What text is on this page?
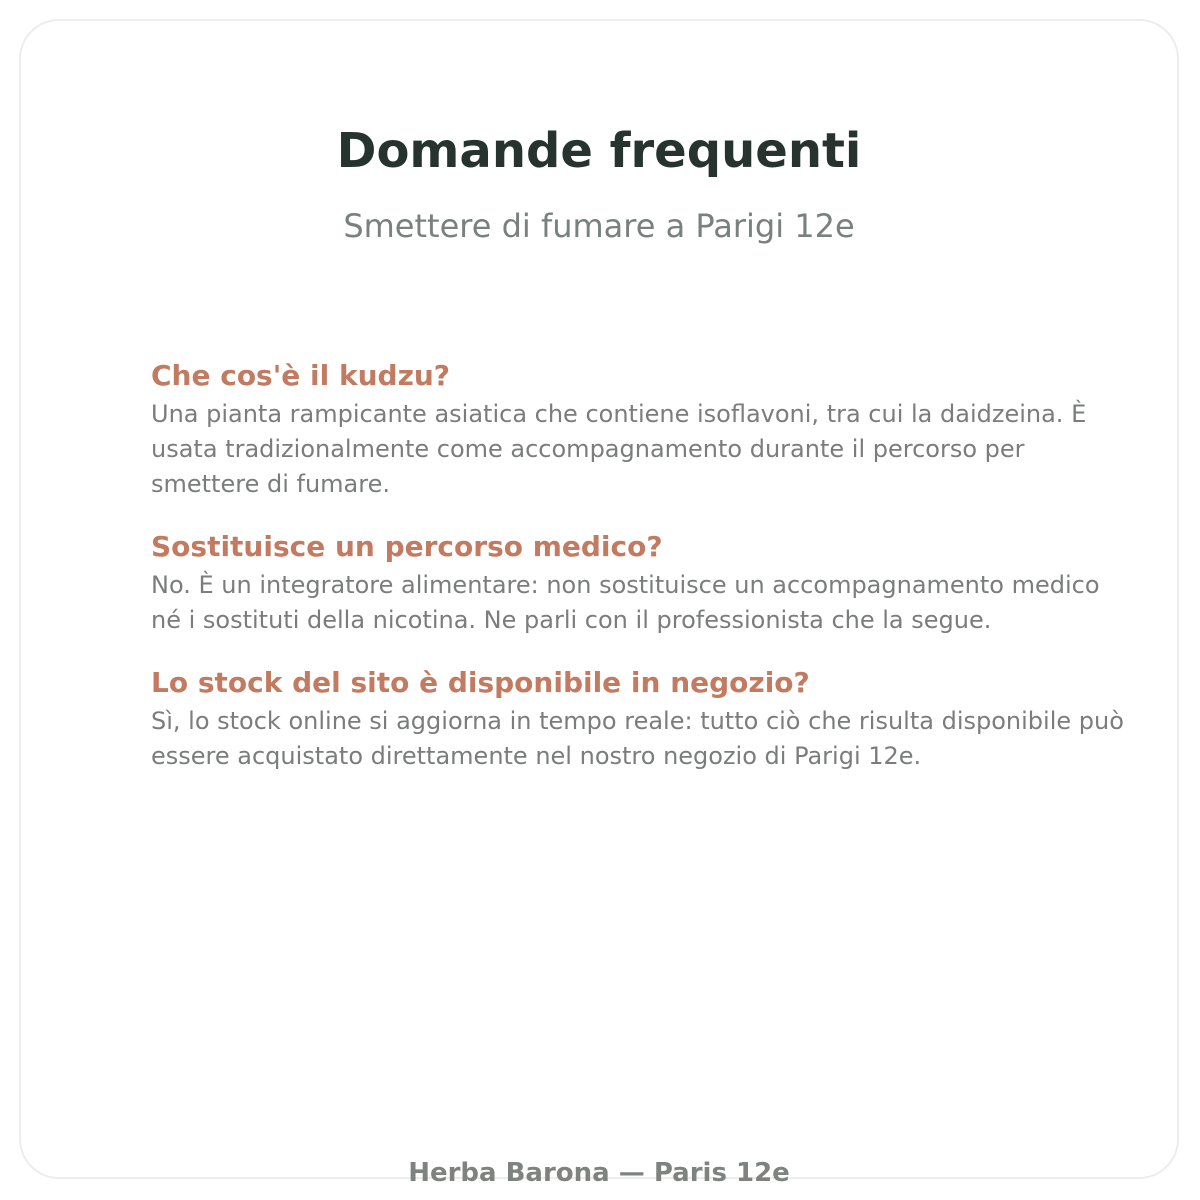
Domande frequenti

Smettere di fumare a Parigi 12e

Che cos'è il kudzu?

Una pianta rampicante asiatica che contiene isoflavoni, tra cui la daidzeina. È usata tradizionalmente come accompagnamento durante il percorso per smettere di fumare.

Sostituisce un percorso medico?

No. È un integratore alimentare: non sostituisce un accompagnamento medico né i sostituti della nicotina. Ne parli con il professionista che la segue.

Lo stock del sito è disponibile in negozio?

Sì, lo stock online si aggiorna in tempo reale: tutto ciò che risulta disponibile può essere acquistato direttamente nel nostro negozio di Parigi 12e.

Herba Barona — Paris 12e
